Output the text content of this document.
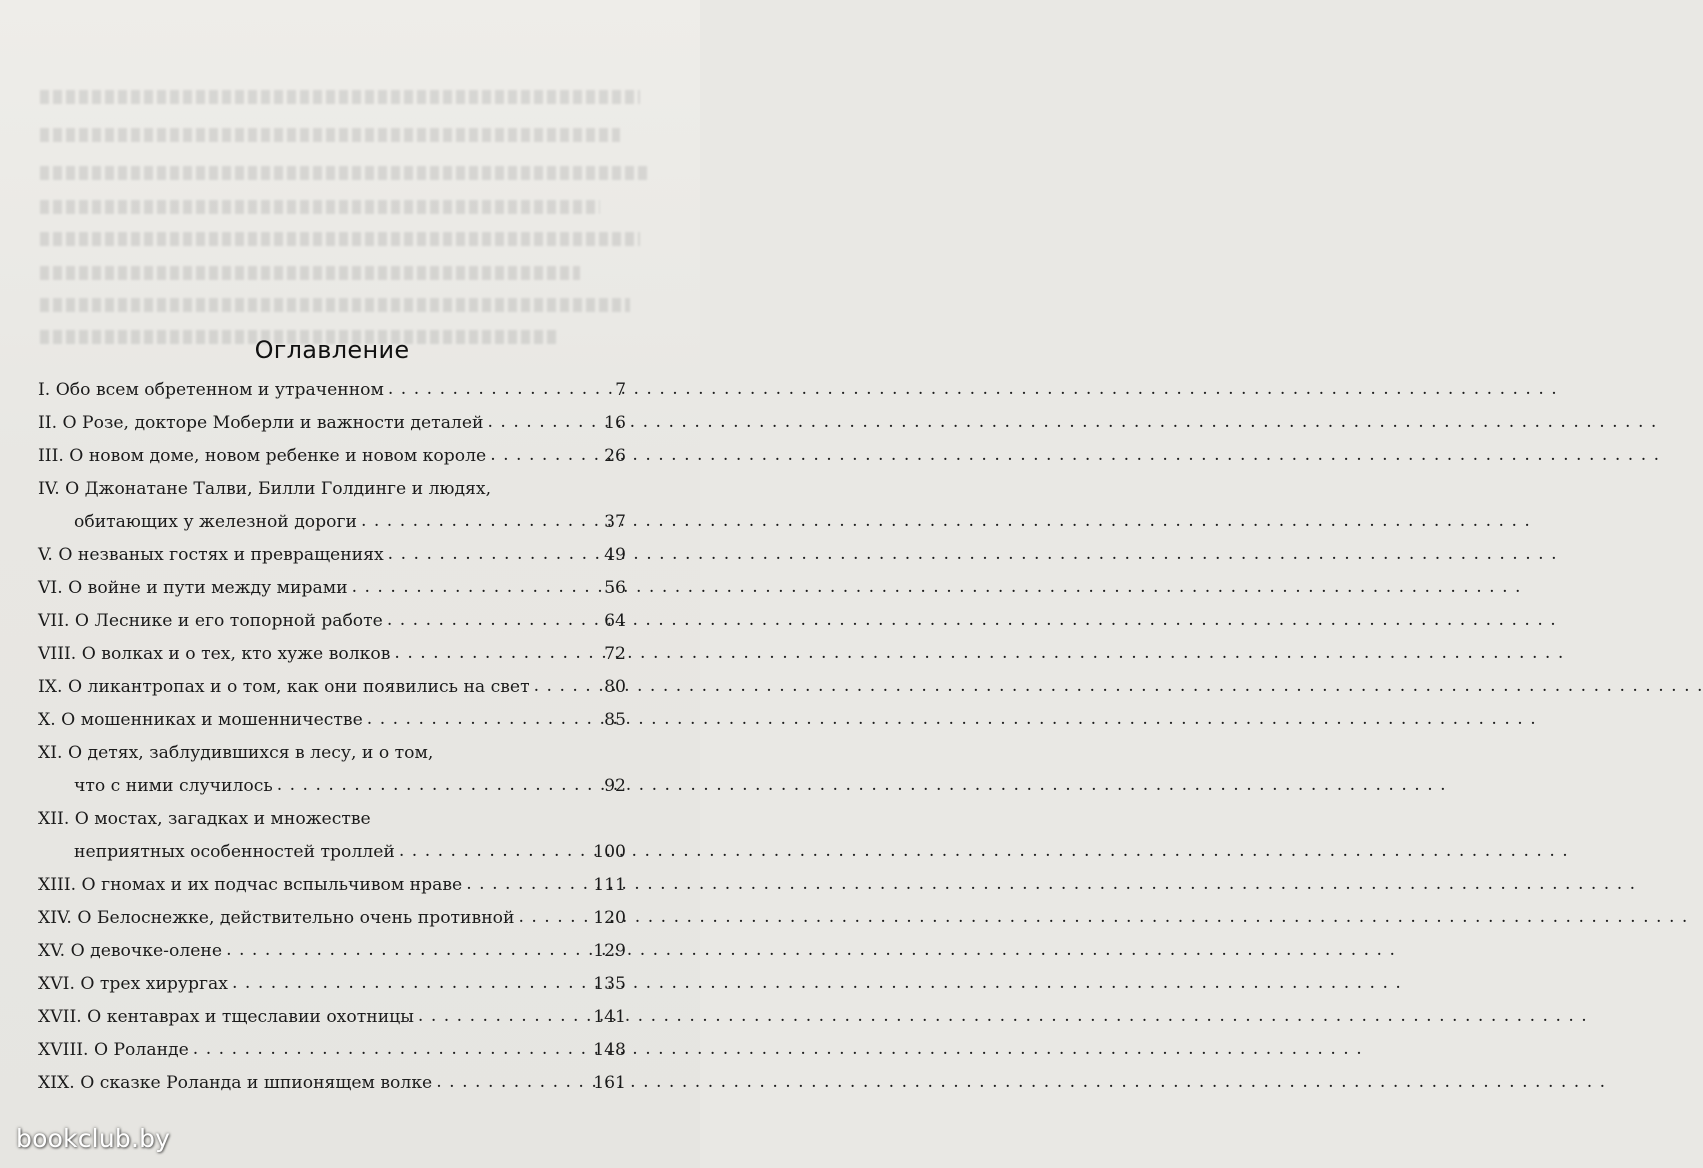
Оглавление
I. Обо всем обретенном и утраченном . . .	7
II. О Розе, докторе Моберли и важности деталей . . .	16
III. О новом доме, новом ребенке и новом короле . . .	26
IV. О Джонатане Талви, Билли Голдинге и людях,
обитающих у железной дороги . . .	37
V. О незваных гостях и превращениях . . .	49
VI. О войне и пути между мирами . . .	56
VII. О Леснике и его топорной работе . . .	64
VIII. О волках и о тех, кто хуже волков . . .	72
IX. О ликантропах и о том, как они появились на свет . . .	80
X. О мошенниках и мошенничестве . . .	85
XI. О детях, заблудившихся в лесу, и о том,
что с ними случилось . . .	92
XII. О мостах, загадках и множестве
неприятных особенностей троллей . . .	100
XIII. О гномах и их подчас вспыльчивом нраве . . .	111
XIV. О Белоснежке, действительно очень противной . . .	120
XV. О девочке-олене . . .	129
XVI. О трех хирургах . . .	135
XVII. О кентаврах и тщеславии охотницы . . .	141
XVIII. О Роланде . . .	148
XIX. О сказке Роланда и шпионящем волке . . .	161
bookclub.by
